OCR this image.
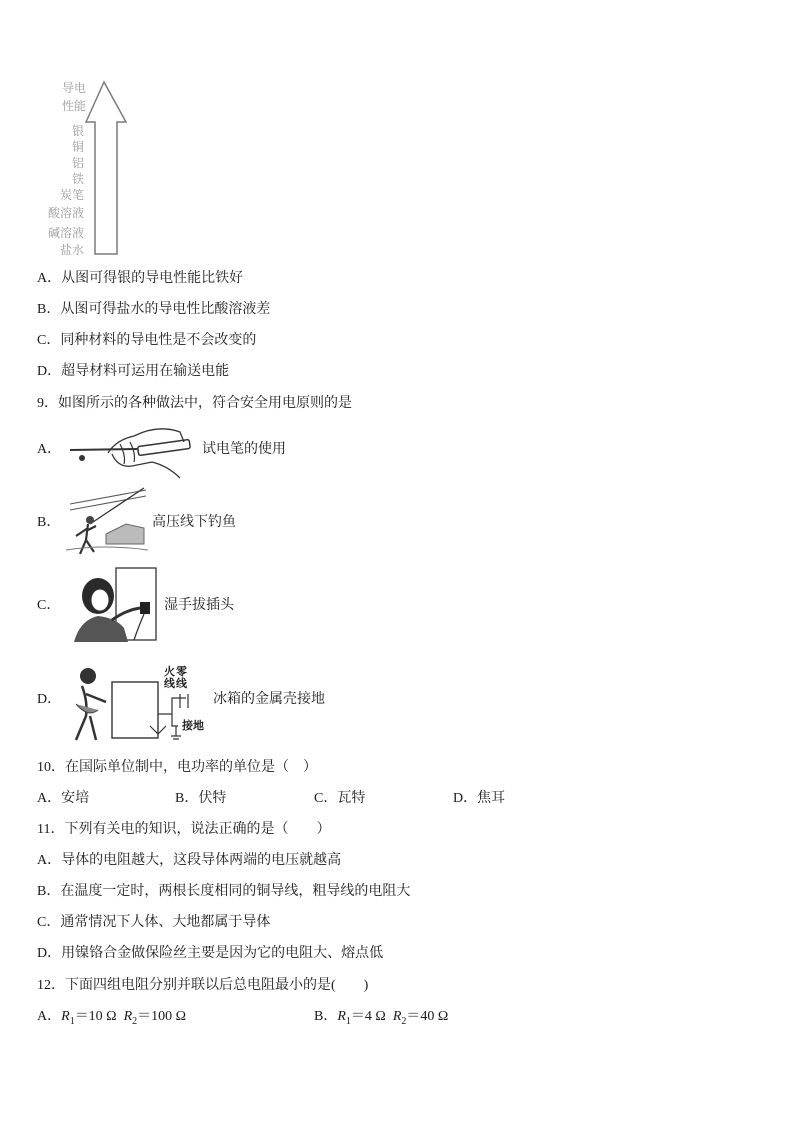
导电
性能
银
铜
铝
铁
炭笔
酸溶液
碱溶液
盐水
A．从图可得银的导电性能比铁好
B．从图可得盐水的导电性比酸溶液差
C．同种材料的导电性是不会改变的
D．超导材料可运用在输送电能
9．如图所示的各种做法中，符合安全用电原则的是
A．	试电笔的使用
B．	高压线下钓鱼
C．	湿手拔插头
D．
火 零
线 线
接地
冰箱的金属壳接地
10．在国际单位制中，电功率的单位是（　）
A．安培	B．伏特	C．瓦特	D．焦耳
11．下列有关电的知识，说法正确的是（　　）
A．导体的电阻越大，这段导体两端的电压就越高
B．在温度一定时，两根长度相同的铜导线，粗导线的电阻大
C．通常情况下人体、大地都属于导体
D．用镍铬合金做保险丝主要是因为它的电阻大、熔点低
12．下面四组电阻分别并联以后总电阻最小的是(　　)
A．$R_1=10$ Ω $R_2=100$ Ω	B．$R_1=4$ Ω $R_2=40$ Ω
